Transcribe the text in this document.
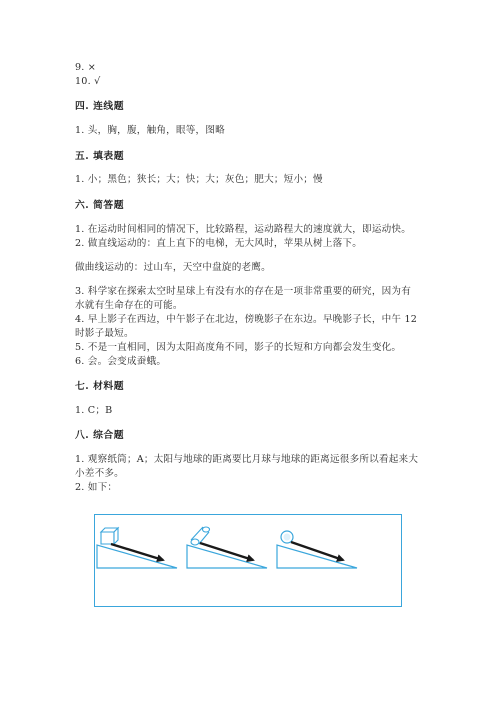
9. ×
10. √
四. 连线题
1. 头，胸，腹，触角，眼等，图略
五. 填表题
1. 小；黑色；狭长；大；快；大；灰色；肥大；短小；慢
六. 简答题
1. 在运动时间相同的情况下，比较路程，运动路程大的速度就大，即运动快。
2. 做直线运动的：直上直下的电梯，无大风时，苹果从树上落下。
做曲线运动的：过山车，天空中盘旋的老鹰。
3. 科学家在探索太空时星球上有没有水的存在是一项非常重要的研究，因为有
水就有生命存在的可能。
4. 早上影子在西边，中午影子在北边，傍晚影子在东边。早晚影子长，中午 12
时影子最短。
5. 不是一直相同，因为太阳高度角不同，影子的长短和方向都会发生变化。
6. 会。会变成蚕蛾。
七. 材料题
1. C；B
八. 综合题
1. 观察纸筒；A；太阳与地球的距离要比月球与地球的距离远很多所以看起来大
小差不多。
2. 如下：
